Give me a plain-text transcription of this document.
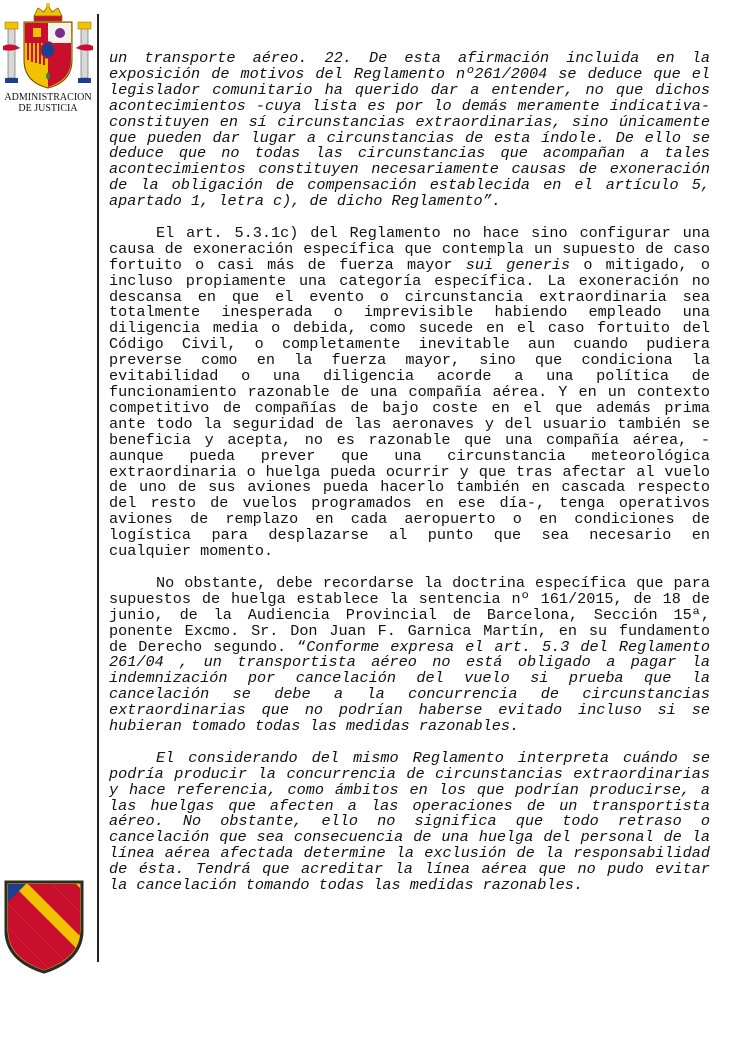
ADMINISTRACION
DE JUSTICIA

un transporte aéreo. 22. De esta afirmación incluida en la exposición de motivos del Reglamento nº261/2004 se deduce que el legislador comunitario ha querido dar a entender, no que dichos acontecimientos -cuya lista es por lo demás meramente indicativa- constituyen en sí circunstancias extraordinarias, sino únicamente que pueden dar lugar a circunstancias de esta índole. De ello se deduce que no todas las circunstancias que acompañan a tales acontecimientos constituyen necesariamente causas de exoneración de la obligación de compensación establecida en el artículo 5, apartado 1, letra c), de dicho Reglamento”.

El art. 5.3.1c) del Reglamento no hace sino configurar una causa de exoneración específica que contempla un supuesto de caso fortuito o casi más de fuerza mayor sui generis o mitigado, o incluso propiamente una categoría específica. La exoneración no descansa en que el evento o circunstancia extraordinaria sea totalmente inesperada o imprevisible habiendo empleado una diligencia media o debida, como sucede en el caso fortuito del Código Civil, o completamente inevitable aun cuando pudiera preverse como en la fuerza mayor, sino que condiciona la evitabilidad o una diligencia acorde a una política de funcionamiento razonable de una compañía aérea. Y en un contexto competitivo de compañías de bajo coste en el que además prima ante todo la seguridad de las aeronaves y del usuario también se beneficia y acepta, no es razonable que una compañía aérea, -aunque pueda prever que una circunstancia meteorológica extraordinaria o huelga pueda ocurrir y que tras afectar al vuelo de uno de sus aviones pueda hacerlo también en cascada respecto del resto de vuelos programados en ese día-, tenga operativos aviones de remplazo en cada aeropuerto o en condiciones de logística para desplazarse al punto que sea necesario en cualquier momento.

No obstante, debe recordarse la doctrina específica que para supuestos de huelga establece la sentencia nº 161/2015, de 18 de junio, de la Audiencia Provincial de Barcelona, Sección 15ª, ponente Excmo. Sr. Don Juan F. Garnica Martín, en su fundamento de Derecho segundo. “Conforme expresa el art. 5.3 del Reglamento 261/04 , un transportista aéreo no está obligado a pagar la indemnización por cancelación del vuelo si prueba que la cancelación se debe a la concurrencia de circunstancias extraordinarias que no podrían haberse evitado incluso si se hubieran tomado todas las medidas razonables.

El considerando del mismo Reglamento interpreta cuándo se podría producir la concurrencia de circunstancias extraordinarias y hace referencia, como ámbitos en los que podrían producirse, a las huelgas que afecten a las operaciones de un transportista aéreo. No obstante, ello no significa que todo retraso o cancelación que sea consecuencia de una huelga del personal de la línea aérea afectada determine la exclusión de la responsabilidad de ésta. Tendrá que acreditar la línea aérea que no pudo evitar la cancelación tomando todas las medidas razonables.
